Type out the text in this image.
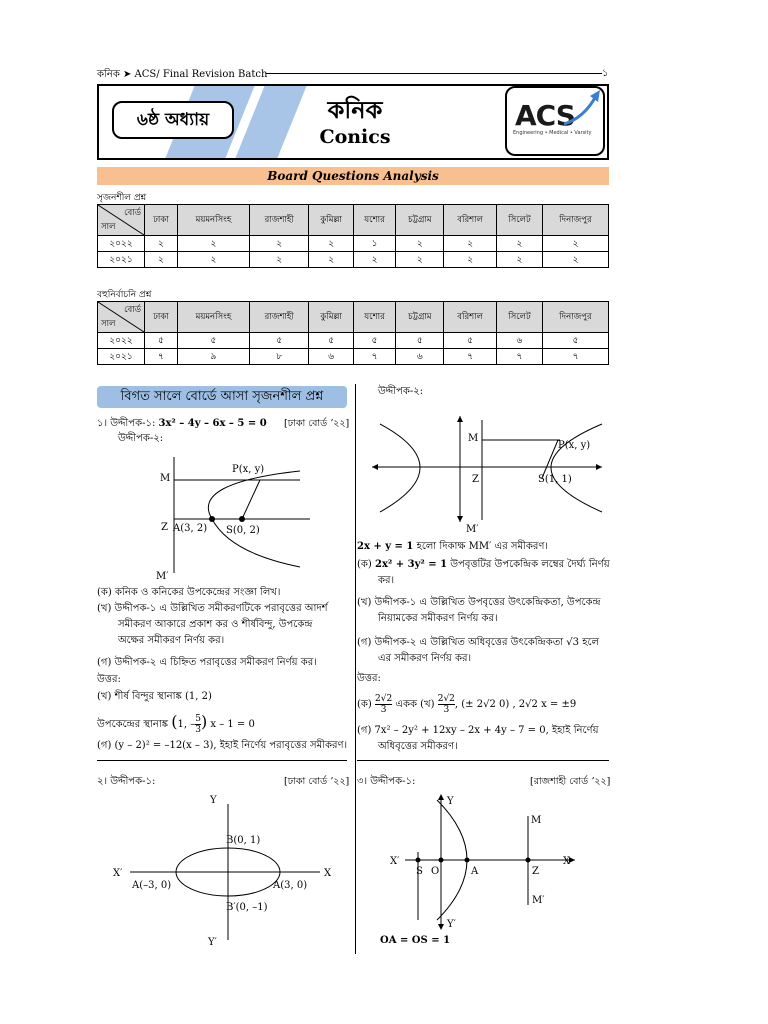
কনিক ➤ ACS/ Final Revision Batch	১
৬ষ্ঠ অধ্যায়	কনিক
Conics
ACS
Engineering • Medical • Varsity
Board Questions Analysis
সৃজনশীল প্রশ্ন
বোর্ড
সাল	ঢাকা	ময়মনসিংহ	রাজশাহী	কুমিল্লা	যশোর	চট্টগ্রাম	বরিশাল	সিলেট	দিনাজপুর
২০২২	২	২	২	২	১	২	২	২	২
২০২১	২	২	২	২	২	২	২	২	২
বহুনির্বাচনি প্রশ্ন
বোর্ড
সাল	ঢাকা	ময়মনসিংহ	রাজশাহী	কুমিল্লা	যশোর	চট্টগ্রাম	বরিশাল	সিলেট	দিনাজপুর
২০২২	৫	৫	৫	৫	৫	৫	৫	৬	৫
২০২১	৭	৯	৮	৬	৭	৬	৭	৭	৭
বিগত সালে বোর্ডে আসা সৃজনশীল প্রশ্ন
১। উদ্দীপক-১: 3x² – 4y – 6x – 5 = 0 [ঢাকা বোর্ড ʼ২২]
উদ্দীপক-২:
M
P(x, y)
Z A(3, 2) S(0, 2)
M′
(ক) কনিক ও কনিকের উপকেন্দ্রের সংজ্ঞা লিখ।
(খ) উদ্দীপক-১ এ উল্লিখিত সমীকরণটিকে পরাবৃত্তের আদর্শ
সমীকরণ আকারে প্রকাশ কর ও শীর্ষবিন্দু, উপকেন্দ্র
অক্ষের সমীকরণ নির্ণয় কর।
(গ) উদ্দীপক-২ এ চিহ্নিত পরাবৃত্তের সমীকরণ নির্ণয় কর।
উত্তর:
(খ) শীর্ষ বিন্দুর স্থানাঙ্ক (1, 2)
উপকেন্দ্রের স্থানাঙ্ক (1, – $\frac{5}{3}$ ) x – 1 = 0
(গ) (y – 2)² = –12(x – 3), ইহাই নির্ণেয় পরাবৃত্তের সমীকরণ।
উদ্দীপক-২:
M
P(x, y)
Z	S(1, 1)
M′
2x + y = 1 হলো দিকাক্ষ MM′ এর সমীকরণ।
(ক) 2x² + 3y² = 1 উপবৃত্তটির উপকেন্দ্রিক লম্বের দৈর্ঘ্য নির্ণয়
কর।
(খ) উদ্দীপক-১ এ উল্লিখিত উপবৃত্তের উৎকেন্দ্রিকতা, উপকেন্দ্র
নিয়ামকের সমীকরণ নির্ণয় কর।
(গ) উদ্দীপক-২ এ উল্লিখিত অধিবৃত্তের উৎকেন্দ্রিকতা √3 হলে
এর সমীকরণ নির্ণয় কর।
উত্তর:
(ক) $\frac{2√2}{3}$ একক (খ) $\frac{2√2}{3}$ , (± 2√2 0) , 2√2 x = ±9
(গ) 7x² – 2y² + 12xy – 2x + 4y – 7 = 0, ইহাই নির্ণেয়
অধিবৃত্তের সমীকরণ।
২। উদ্দীপক-১:	[ঢাকা বোর্ড ʼ২২]
Y
B(0, 1)
X′	X
A(–3, 0)	A(3, 0)
B′(0, –1)
Y′
৩। উদ্দীপক-১:	[রাজশাহী বোর্ড ʼ২২]
Y
M
X′
S O	A	Z
X
M′
Y′
OA = OS = 1
